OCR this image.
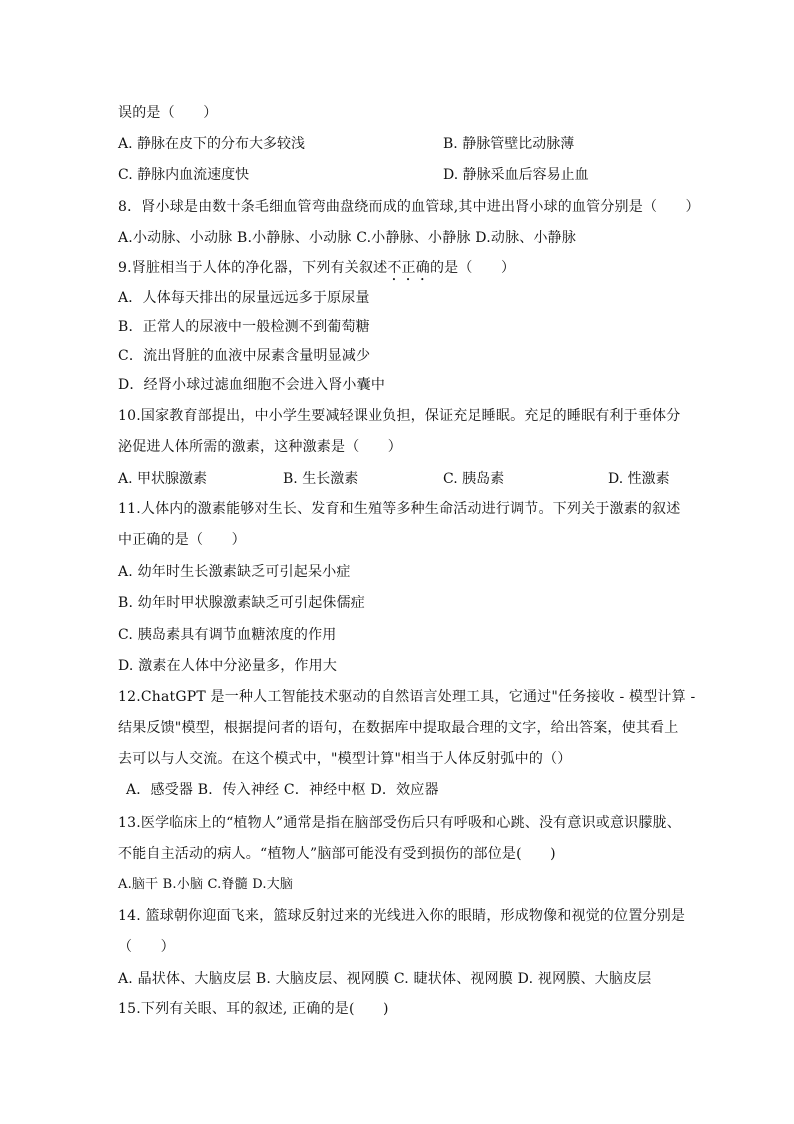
误的是（　　）
A. 静脉在皮下的分布大多较浅	B. 静脉管壁比动脉薄
C. 静脉内血流速度快	D. 静脉采血后容易止血
8．肾小球是由数十条毛细血管弯曲盘绕而成的血管球,其中进出肾小球的血管分别是（　　）
A.小动脉、小动脉 B.小静脉、小动脉 C.小静脉、小静脉 D.动脉、小静脉
9.肾脏相当于人体的净化器，下列有关叙述不正确的是（　　）
A．人体每天排出的尿量远远多于原尿量
B．正常人的尿液中一般检测不到葡萄糖
C．流出肾脏的血液中尿素含量明显减少
D．经肾小球过滤血细胞不会进入肾小囊中
10.国家教育部提出，中小学生要减轻课业负担，保证充足睡眠。充足的睡眠有利于垂体分
泌促进人体所需的激素，这种激素是（　　）
A. 甲状腺激素	B. 生长激素	C. 胰岛素	D. 性激素
11.人体内的激素能够对生长、发育和生殖等多种生命活动进行调节。下列关于激素的叙述
中正确的是（　　）
A. 幼年时生长激素缺乏可引起呆小症
B. 幼年时甲状腺激素缺乏可引起侏儒症
C. 胰岛素具有调节血糖浓度的作用
D. 激素在人体中分泌量多，作用大
12.ChatGPT 是一种人工智能技术驱动的自然语言处理工具，它通过"任务接收 - 模型计算 -
结果反馈"模型，根据提问者的语句，在数据库中提取最合理的文字，给出答案，使其看上
去可以与人交流。在这个模式中，"模型计算"相当于人体反射弧中的（）
A．感受器 B．传入神经 C．神经中枢 D．效应器
13.医学临床上的“植物人”通常是指在脑部受伤后只有呼吸和心跳、没有意识或意识朦胧、
不能自主活动的病人。“植物人”脑部可能没有受到损伤的部位是(　　)
A.脑干 B.小脑 C.脊髓 D.大脑
14. 篮球朝你迎面飞来，篮球反射过来的光线进入你的眼睛，形成物像和视觉的位置分别是
（　　）
A. 晶状体、大脑皮层 B. 大脑皮层、视网膜 C. 睫状体、视网膜 D. 视网膜、大脑皮层
15.下列有关眼、耳的叙述, 正确的是(　　)
